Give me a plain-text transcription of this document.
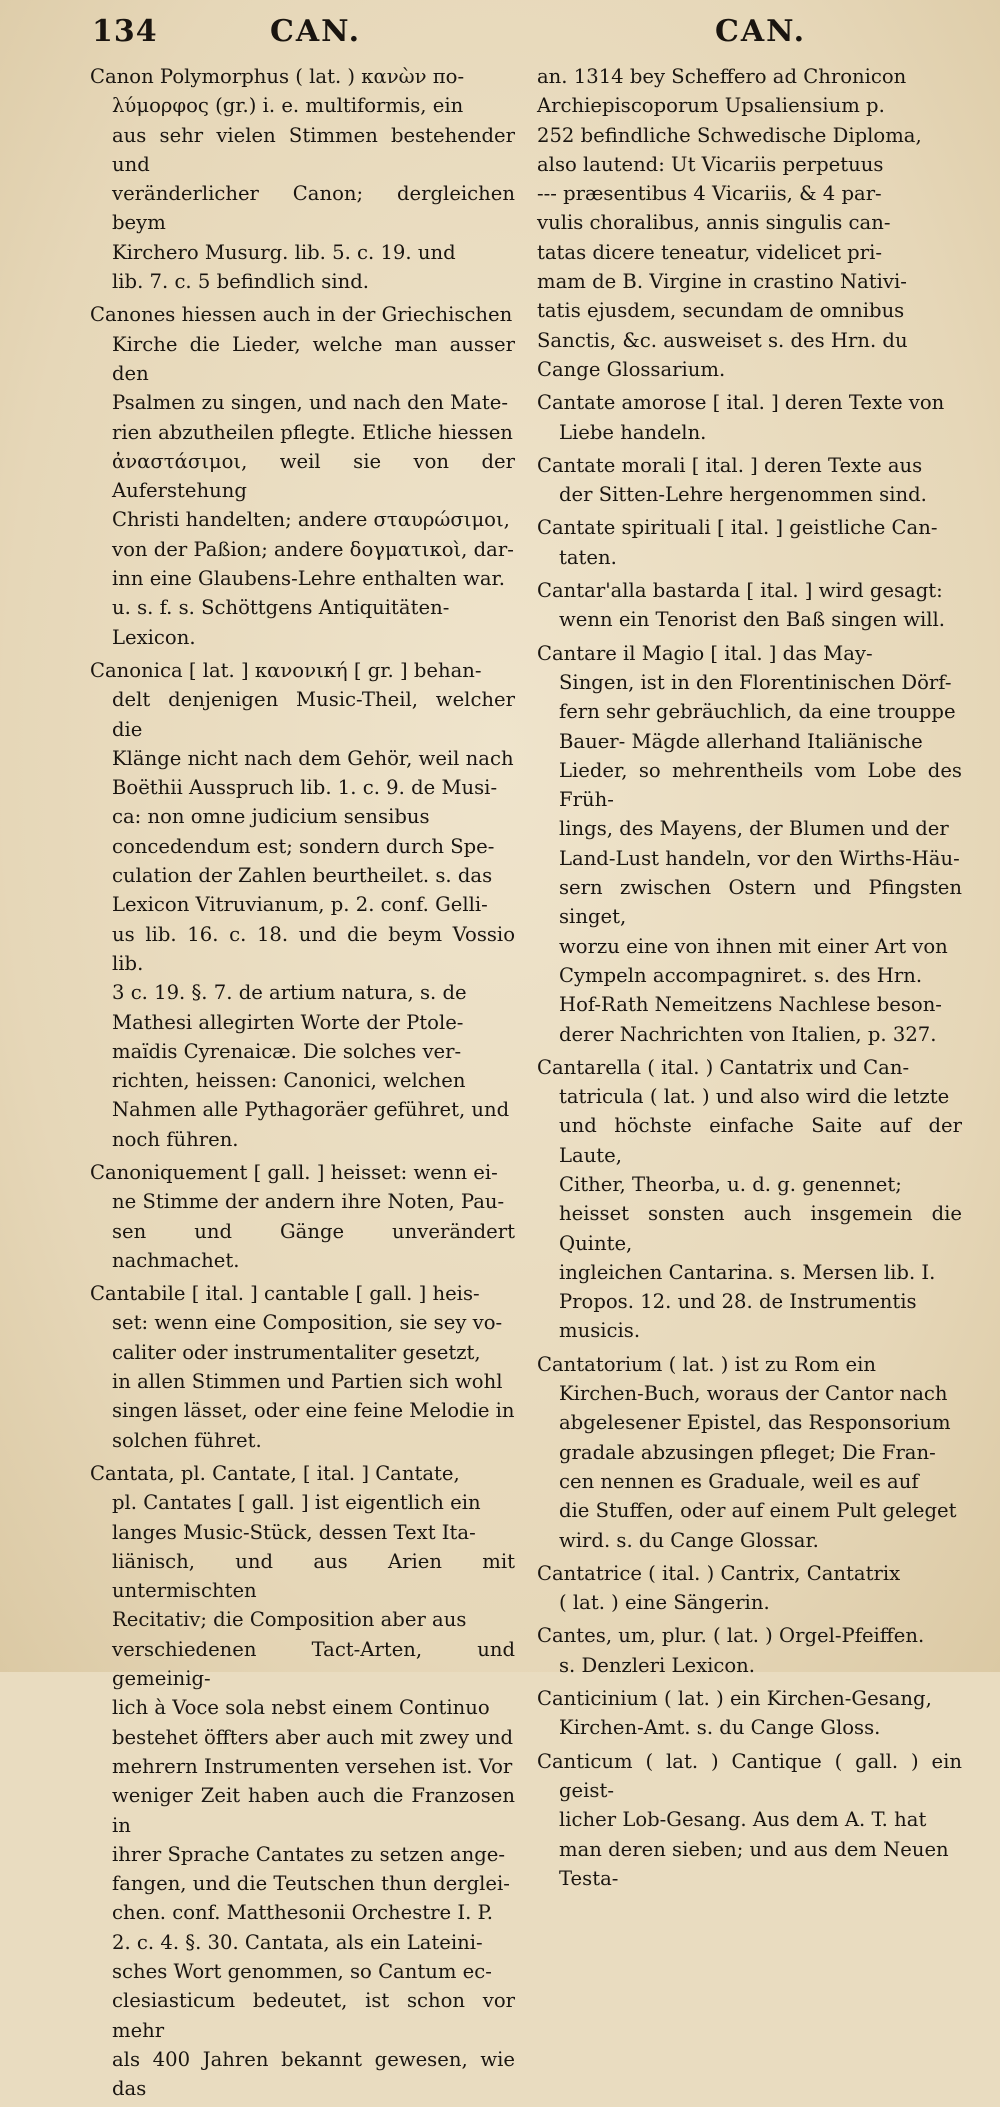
134	CAN.	CAN.

Canon Polymorphus ( lat. ) κανὼν πο-
λύμορφος (gr.) i. e. multiformis, ein
aus sehr vielen Stimmen bestehender und
veränderlicher Canon; dergleichen beym
Kirchero Musurg. lib. 5. c. 19. und
lib. 7. c. 5 befindlich sind.

Canones hiessen auch in der Griechischen
Kirche die Lieder, welche man ausser den
Psalmen zu singen, und nach den Mate-
rien abzutheilen pflegte. Etliche hiessen
ἀναστάσιμοι, weil sie von der Auferstehung
Christi handelten; andere σταυρώσιμοι,
von der Paßion; andere δογματικοὶ, dar-
inn eine Glaubens-Lehre enthalten war.
u. s. f. s. Schöttgens Antiquitäten-
Lexicon.

Canonica [ lat. ] κανονική [ gr. ] behan-
delt denjenigen Music-Theil, welcher die
Klänge nicht nach dem Gehör, weil nach
Boëthii Ausspruch lib. 1. c. 9. de Musi-
ca: non omne judicium sensibus
concedendum est; sondern durch Spe-
culation der Zahlen beurtheilet. s. das
Lexicon Vitruvianum, p. 2. conf. Gelli-
us lib. 16. c. 18. und die beym Vossio lib.
3 c. 19. §. 7. de artium natura, s. de
Mathesi allegirten Worte der Ptole-
maïdis Cyrenaicæ. Die solches ver-
richten, heissen: Canonici, welchen
Nahmen alle Pythagoräer geführet, und
noch führen.

Canoniquement [ gall. ] heisset: wenn ei-
ne Stimme der andern ihre Noten, Pau-
sen und Gänge unverändert nachmachet.

Cantabile [ ital. ] cantable [ gall. ] heis-
set: wenn eine Composition, sie sey vo-
caliter oder instrumentaliter gesetzt,
in allen Stimmen und Partien sich wohl
singen lässet, oder eine feine Melodie in
solchen führet.

Cantata, pl. Cantate, [ ital. ] Cantate,
pl. Cantates [ gall. ] ist eigentlich ein
langes Music-Stück, dessen Text Ita-
liänisch, und aus Arien mit untermischten
Recitativ; die Composition aber aus
verschiedenen Tact-Arten, und gemeinig-
lich à Voce sola nebst einem Continuo
bestehet öffters aber auch mit zwey und
mehrern Instrumenten versehen ist. Vor
weniger Zeit haben auch die Franzosen in
ihrer Sprache Cantates zu setzen ange-
fangen, und die Teutschen thun derglei-
chen. conf. Matthesonii Orchestre I. P.
2. c. 4. §. 30. Cantata, als ein Lateini-
sches Wort genommen, so Cantum ec-
clesiasticum bedeutet, ist schon vor mehr
als 400 Jahren bekannt gewesen, wie das

an. 1314 bey Scheffero ad Chronicon
Archiepiscoporum Upsaliensium p.
252 befindliche Schwedische Diploma,
also lautend: Ut Vicariis perpetuus
--- præsentibus 4 Vicariis, & 4 par-
vulis choralibus, annis singulis can-
tatas dicere teneatur, videlicet pri-
mam de B. Virgine in crastino Nativi-
tatis ejusdem, secundam de omnibus
Sanctis, &c. ausweiset s. des Hrn. du
Cange Glossarium.

Cantate amorose [ ital. ] deren Texte von
Liebe handeln.

Cantate morali [ ital. ] deren Texte aus
der Sitten-Lehre hergenommen sind.

Cantate spirituali [ ital. ] geistliche Can-
taten.

Cantar'alla bastarda [ ital. ] wird gesagt:
wenn ein Tenorist den Baß singen will.

Cantare il Magio [ ital. ] das May-
Singen, ist in den Florentinischen Dörf-
fern sehr gebräuchlich, da eine trouppe
Bauer- Mägde allerhand Italiänische
Lieder, so mehrentheils vom Lobe des Früh-
lings, des Mayens, der Blumen und der
Land-Lust handeln, vor den Wirths-Häu-
sern zwischen Ostern und Pfingsten singet,
worzu eine von ihnen mit einer Art von
Cympeln accompagniret. s. des Hrn.
Hof-Rath Nemeitzens Nachlese beson-
derer Nachrichten von Italien, p. 327.

Cantarella ( ital. ) Cantatrix und Can-
tatricula ( lat. ) und also wird die letzte
und höchste einfache Saite auf der Laute,
Cither, Theorba, u. d. g. genennet;
heisset sonsten auch insgemein die Quinte,
ingleichen Cantarina. s. Mersen lib. I.
Propos. 12. und 28. de Instrumentis
musicis.

Cantatorium ( lat. ) ist zu Rom ein
Kirchen-Buch, woraus der Cantor nach
abgelesener Epistel, das Responsorium
gradale abzusingen pfleget; Die Fran-
cen nennen es Graduale, weil es auf
die Stuffen, oder auf einem Pult geleget
wird. s. du Cange Glossar.

Cantatrice ( ital. ) Cantrix, Cantatrix
( lat. ) eine Sängerin.

Cantes, um, plur. ( lat. ) Orgel-Pfeiffen.
s. Denzleri Lexicon.

Canticinium ( lat. ) ein Kirchen-Gesang,
Kirchen-Amt. s. du Cange Gloss.

Canticum ( lat. ) Cantique ( gall. ) ein geist-
licher Lob-Gesang. Aus dem A. T. hat
man deren sieben; und aus dem Neuen
Testa-
